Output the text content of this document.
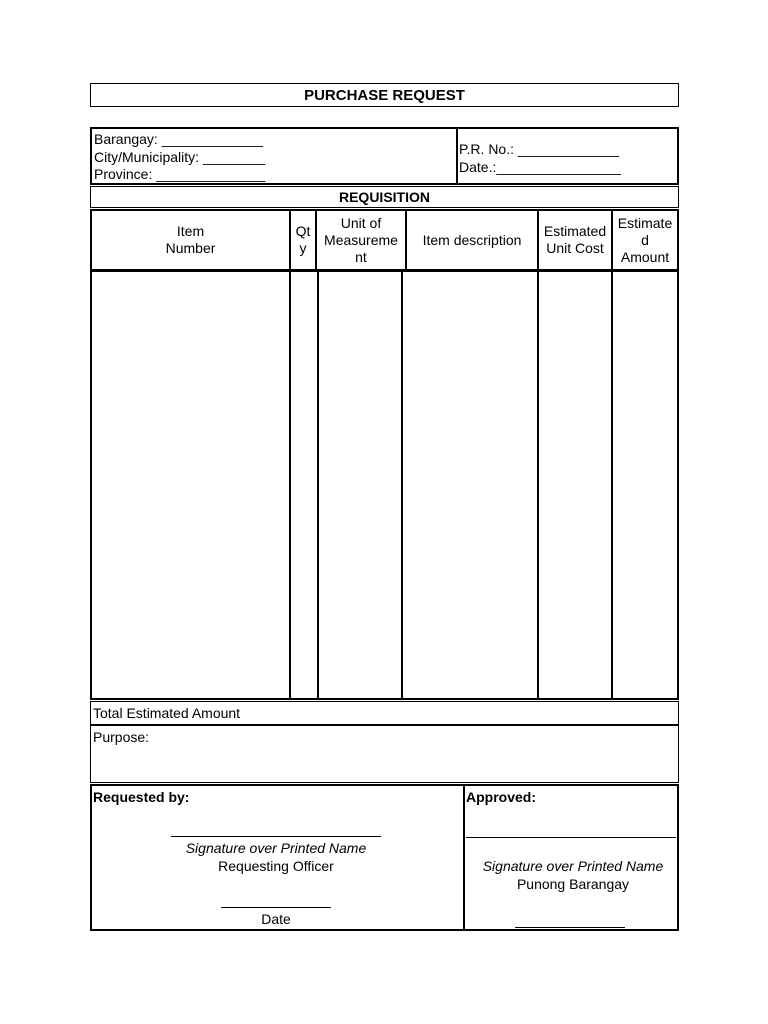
PURCHASE REQUEST
Barangay: _____________
City/Municipality: ________
Province: ______________
P.R. No.: _____________
Date.:________________
REQUISITION
Item
Number
Qt
y
Unit of
Measureme
nt
Item description
Estimated
Unit Cost
Estimate
d
Amount
Total Estimated Amount
Purpose:
Requested by:
Signature over Printed Name
Requesting Officer
Date
Approved:
Signature over Printed Name
Punong Barangay
